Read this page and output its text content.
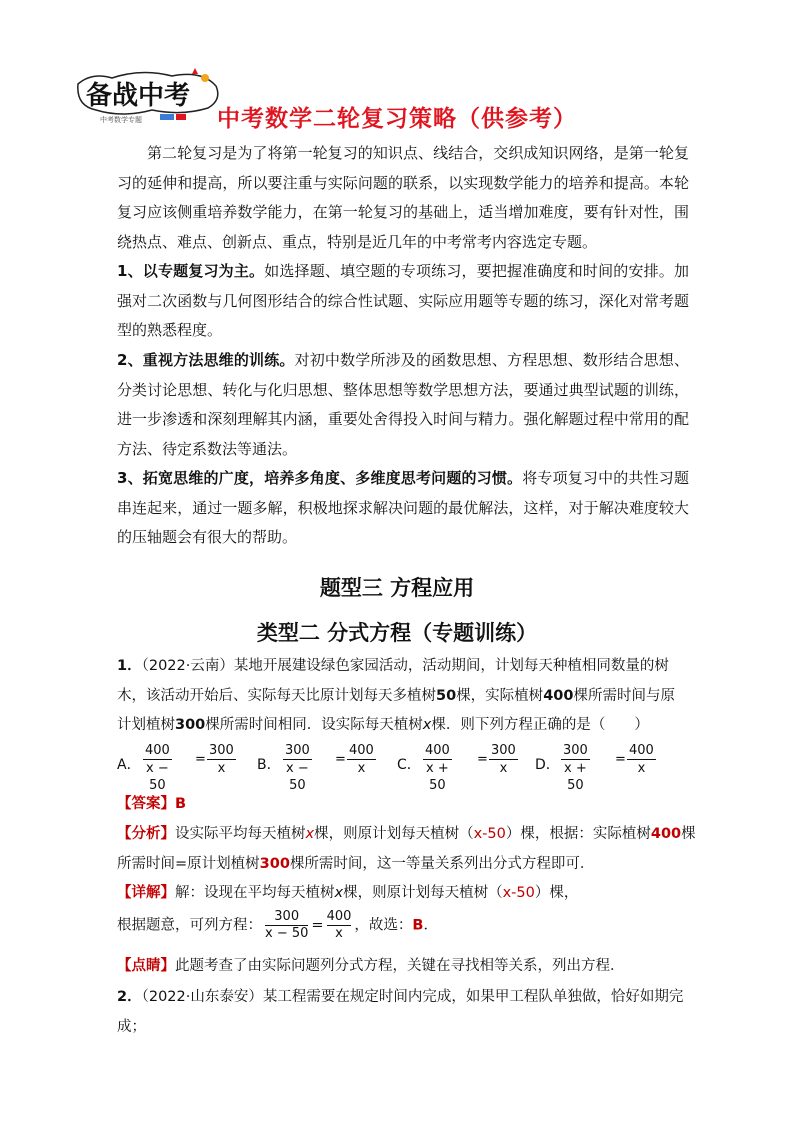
备战中考
中考数学专题	中考数学二轮复习策略（供参考）
第二轮复习是为了将第一轮复习的知识点、线结合，交织成知识网络，是第一轮复习的延伸和提高，所以要注重与实际问题的联系，以实现数学能力的培养和提高。本轮复习应该侧重培养数学能力，在第一轮复习的基础上，适当增加难度，要有针对性，围绕热点、难点、创新点、重点，特别是近几年的中考常考内容选定专题。
1、以专题复习为主。如选择题、填空题的专项练习，要把握准确度和时间的安排。加强对二次函数与几何图形结合的综合性试题、实际应用题等专题的练习，深化对常考题型的熟悉程度。
2、重视方法思维的训练。对初中数学所涉及的函数思想、方程思想、数形结合思想、分类讨论思想、转化与化归思想、整体思想等数学思想方法，要通过典型试题的训练，进一步渗透和深刻理解其内涵，重要处舍得投入时间与精力。强化解题过程中常用的配方法、待定系数法等通法。
3、拓宽思维的广度，培养多角度、多维度思考问题的习惯。将专项复习中的共性习题串连起来，通过一题多解，积极地探求解决问题的最优解法，这样，对于解决难度较大的压轴题会有很大的帮助。
题型三 方程应用
类型二 分式方程（专题训练）
1．（2022·云南）某地开展建设绿色家园活动，活动期间，计划每天种植相同数量的树木，该活动开始后、实际每天比原计划每天多植树50棵，实际植树400棵所需时间与原计划植树300棵所需时间相同．设实际每天植树x棵．则下列方程正确的是（　　）
A． $\frac{400}{x - 50} = \frac{300}{x}$ B． $\frac{300}{x - 50} = \frac{400}{x}$ C． $\frac{400}{x + 50} = \frac{300}{x}$ D． $\frac{300}{x + 50} = \frac{400}{x}$
【答案】B
【分析】设实际平均每天植树x棵，则原计划每天植树（x-50）棵，根据：实际植树400棵所需时间=原计划植树300棵所需时间，这一等量关系列出分式方程即可．
【详解】解：设现在平均每天植树x棵，则原计划每天植树（x-50）棵，
根据题意，可列方程： $\frac{300}{x - 50} = \frac{400}{x}$ ，故选：B．
【点睛】此题考查了由实际问题列分式方程，关键在寻找相等关系，列出方程．
2．（2022·山东泰安）某工程需要在规定时间内完成，如果甲工程队单独做，恰好如期完成；
